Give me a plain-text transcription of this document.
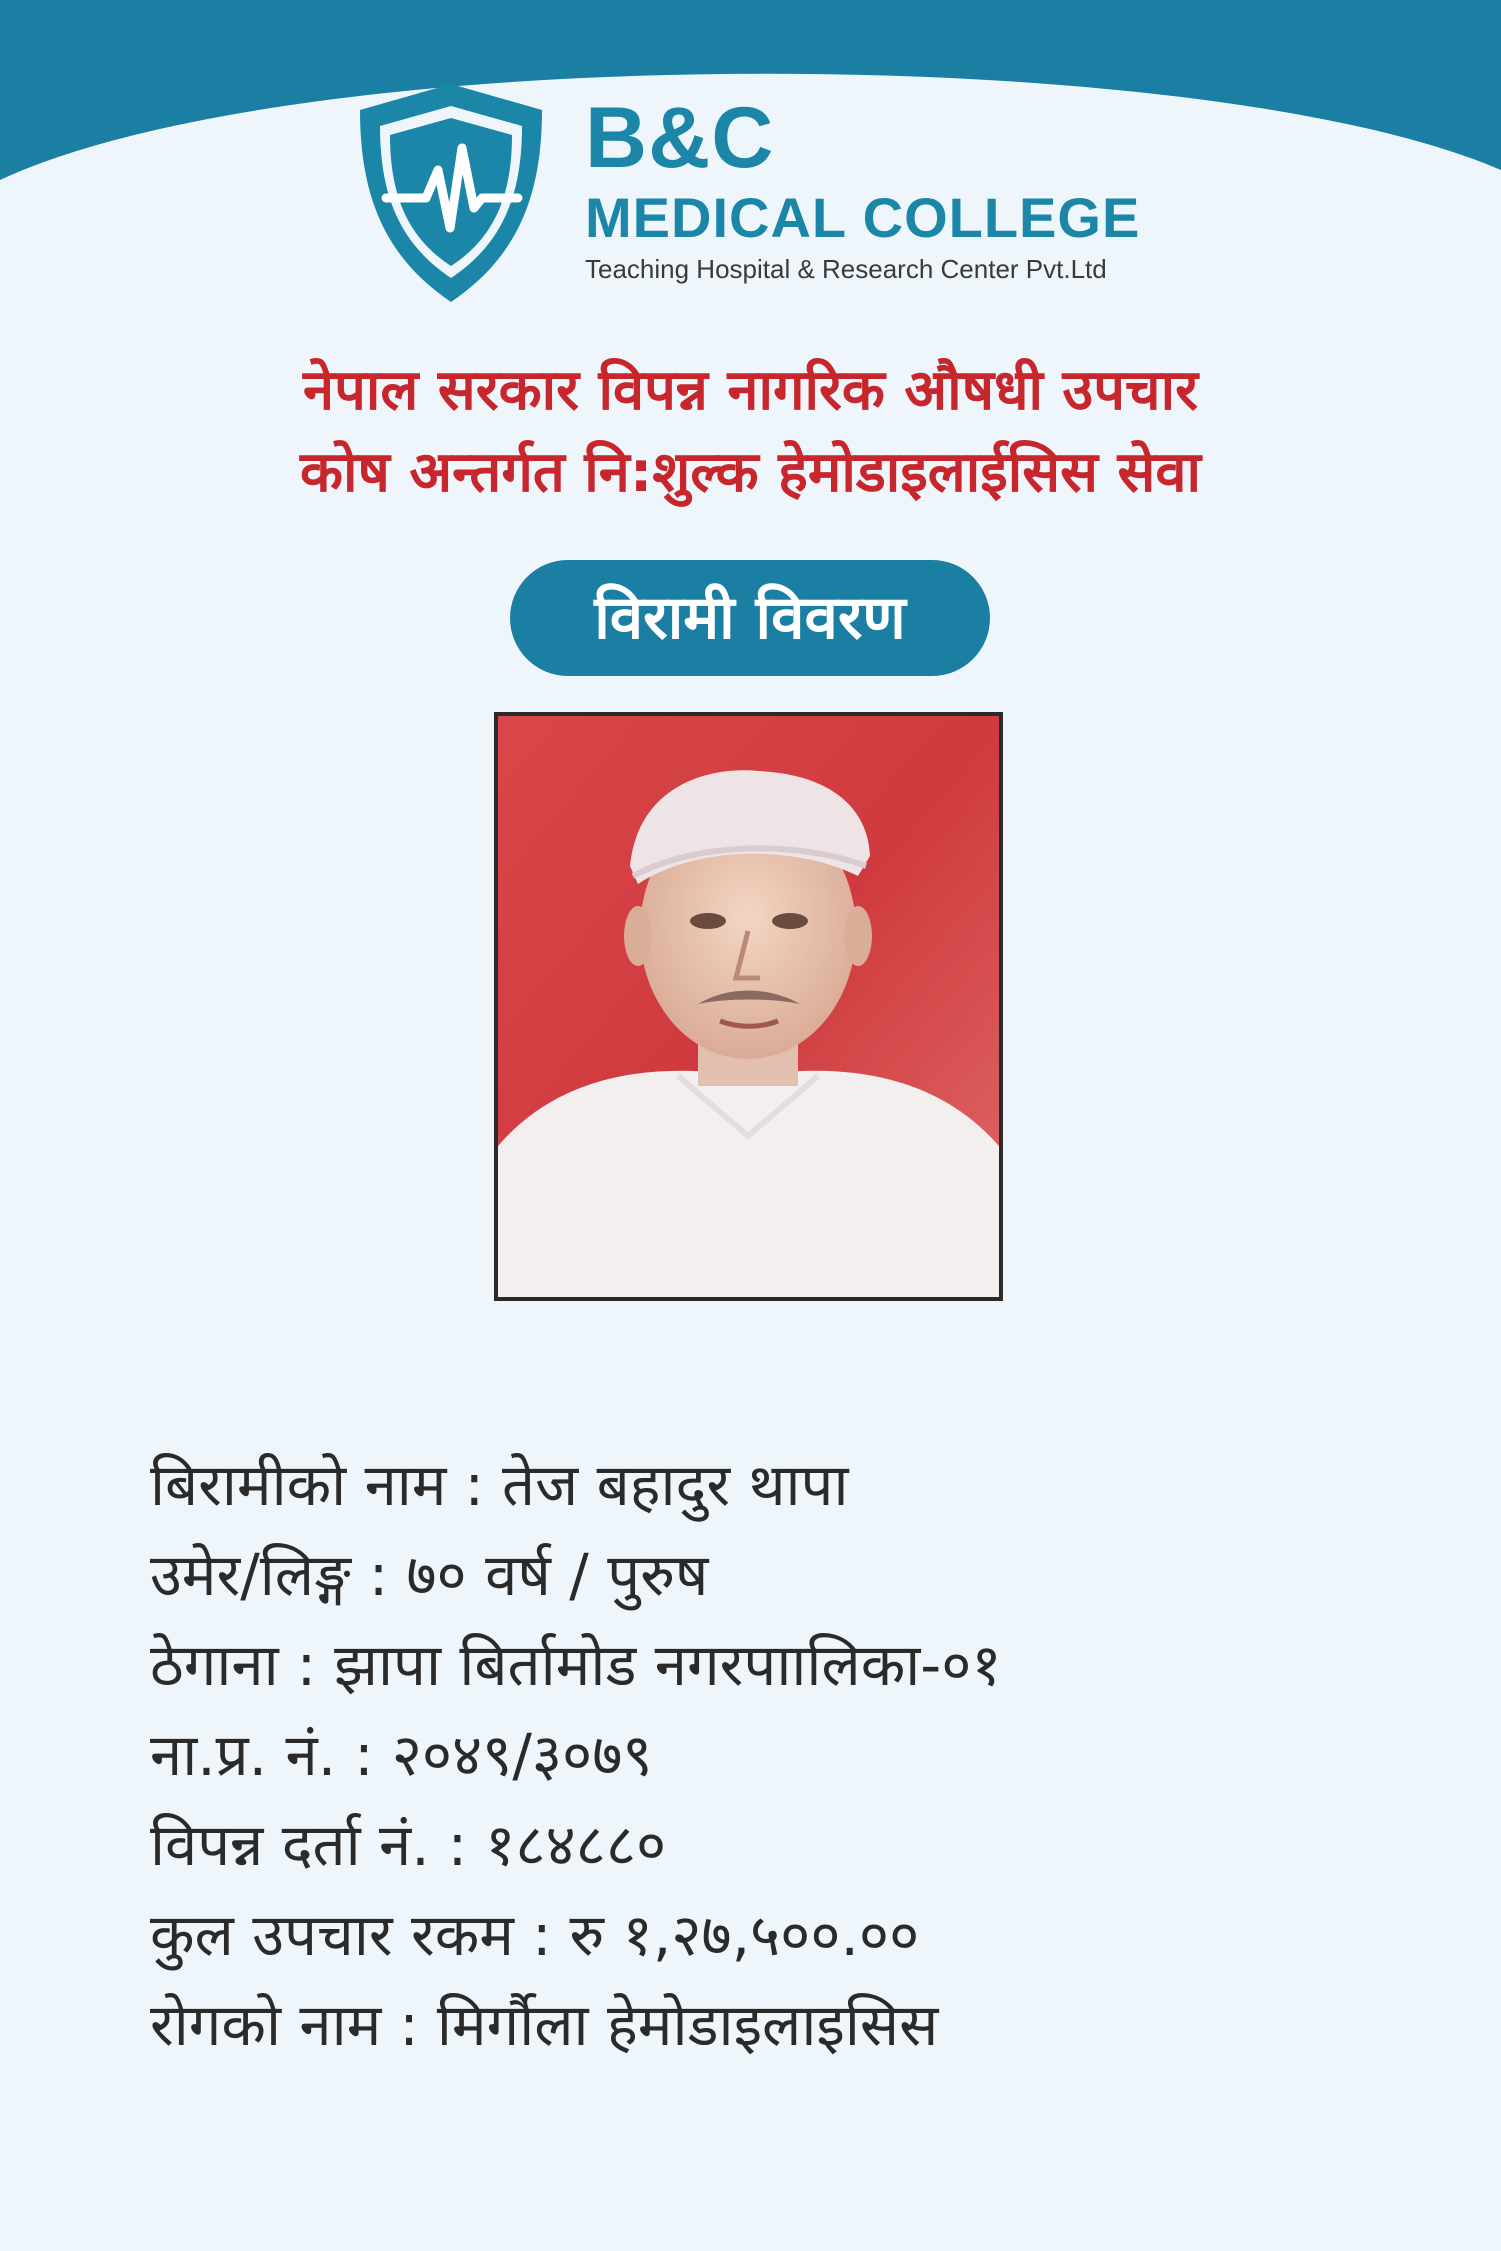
B&C
MEDICAL COLLEGE
Teaching Hospital & Research Center Pvt.Ltd
नेपाल सरकार विपन्न नागरिक औषधी उपचार
कोष अन्तर्गत नि:शुल्क हेमोडाइलाईसिस सेवा
विरामी विवरण
बिरामीको नाम : तेज बहादुर थापा
उमेर/लिङ्ग : ७० वर्ष / पुरुष
ठेगाना : झापा बिर्तामोड नगरपाालिका-०१
ना.प्र. नं. : २०४९/३०७९
विपन्न दर्ता नं. : १८४८८०
कुल उपचार रकम : रु १,२७,५००.००
रोगको नाम : मिर्गौला हेमोडाइलाइसिस
